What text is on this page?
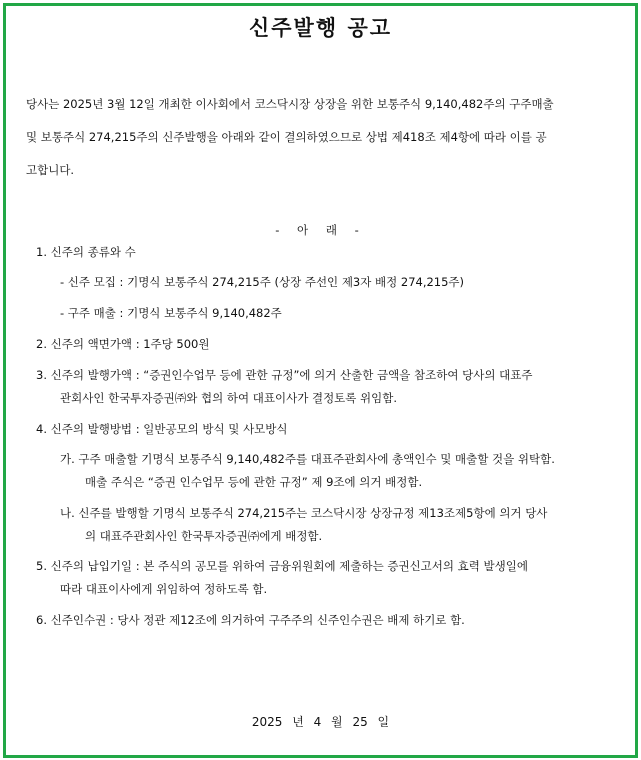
신주발행 공고
당사는 2025년 3월 12일 개최한 이사회에서 코스닥시장 상장을 위한 보통주식 9,140,482주의 구주매출
및 보통주식 274,215주의 신주발행을 아래와 같이 결의하였으므로 상법 제418조 제4항에 따라 이를 공
고합니다.
- 아 래 -
1. 신주의 종류와 수
- 신주 모집 : 기명식 보통주식 274,215주 (상장 주선인 제3자 배정 274,215주)
- 구주 매출 : 기명식 보통주식 9,140,482주
2. 신주의 액면가액 : 1주당 500원
3. 신주의 발행가액 : “증권인수업무 등에 관한 규정”에 의거 산출한 금액을 참조하여 당사의 대표주
관회사인 한국투자증권㈜와 협의 하여 대표이사가 결정토록 위임함.
4. 신주의 발행방법 : 일반공모의 방식 및 사모방식
가. 구주 매출할 기명식 보통주식 9,140,482주를 대표주관회사에 총액인수 및 매출할 것을 위탁함.
매출 주식은 “증권 인수업무 등에 관한 규정” 제 9조에 의거 배정함.
나. 신주를 발행할 기명식 보통주식 274,215주는 코스닥시장 상장규정 제13조제5항에 의거 당사
의 대표주관회사인 한국투자증권㈜에게 배정함.
5. 신주의 납입기일 : 본 주식의 공모를 위하여 금융위원회에 제출하는 증권신고서의 효력 발생일에
따라 대표이사에게 위임하여 정하도록 함.
6. 신주인수권 : 당사 정관 제12조에 의거하여 구주주의 신주인수권은 배제 하기로 함.
2025 년 4 월 25 일
